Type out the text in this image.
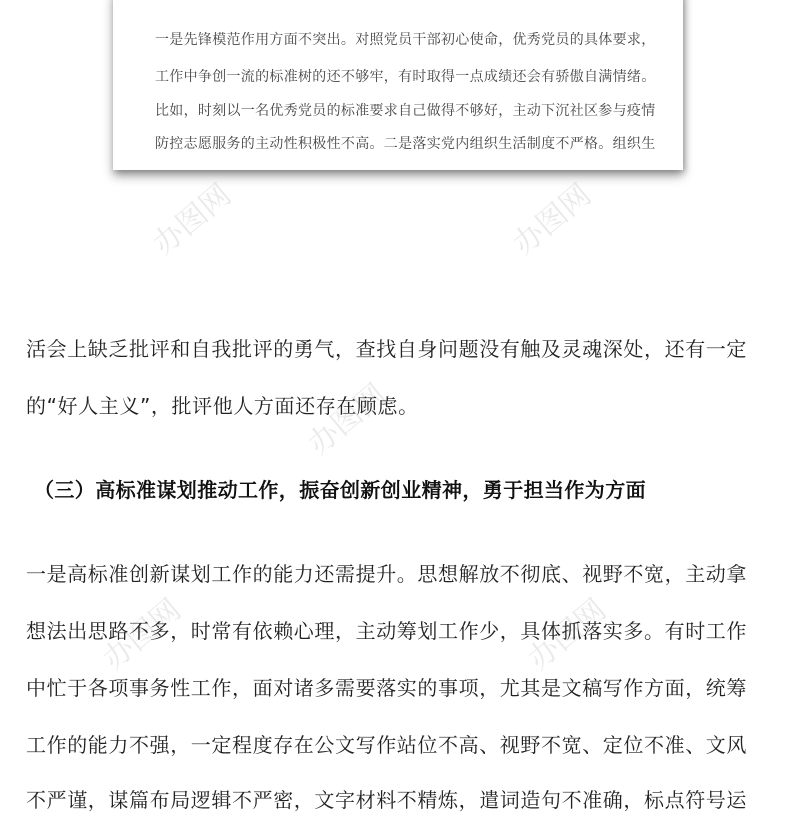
办图网	办图网
办图网
办图网	办图网
一是先锋模范作用方面不突出。对照党员干部初心使命，优秀党员的具体要求，
工作中争创一流的标准树的还不够牢，有时取得一点成绩还会有骄傲自满情绪。
比如，时刻以一名优秀党员的标准要求自己做得不够好，主动下沉社区参与疫情
防控志愿服务的主动性积极性不高。二是落实党内组织生活制度不严格。组织生
活会上缺乏批评和自我批评的勇气，查找自身问题没有触及灵魂深处，还有一定
的“好人主义”，批评他人方面还存在顾虑。
（三）高标准谋划推动工作，振奋创新创业精神，勇于担当作为方面
一是高标准创新谋划工作的能力还需提升。思想解放不彻底、视野不宽，主动拿
想法出思路不多，时常有依赖心理，主动筹划工作少，具体抓落实多。有时工作
中忙于各项事务性工作，面对诸多需要落实的事项，尤其是文稿写作方面，统筹
工作的能力不强，一定程度存在公文写作站位不高、视野不宽、定位不准、文风
不严谨，谋篇布局逻辑不严密，文字材料不精炼，遣词造句不准确，标点符号运
